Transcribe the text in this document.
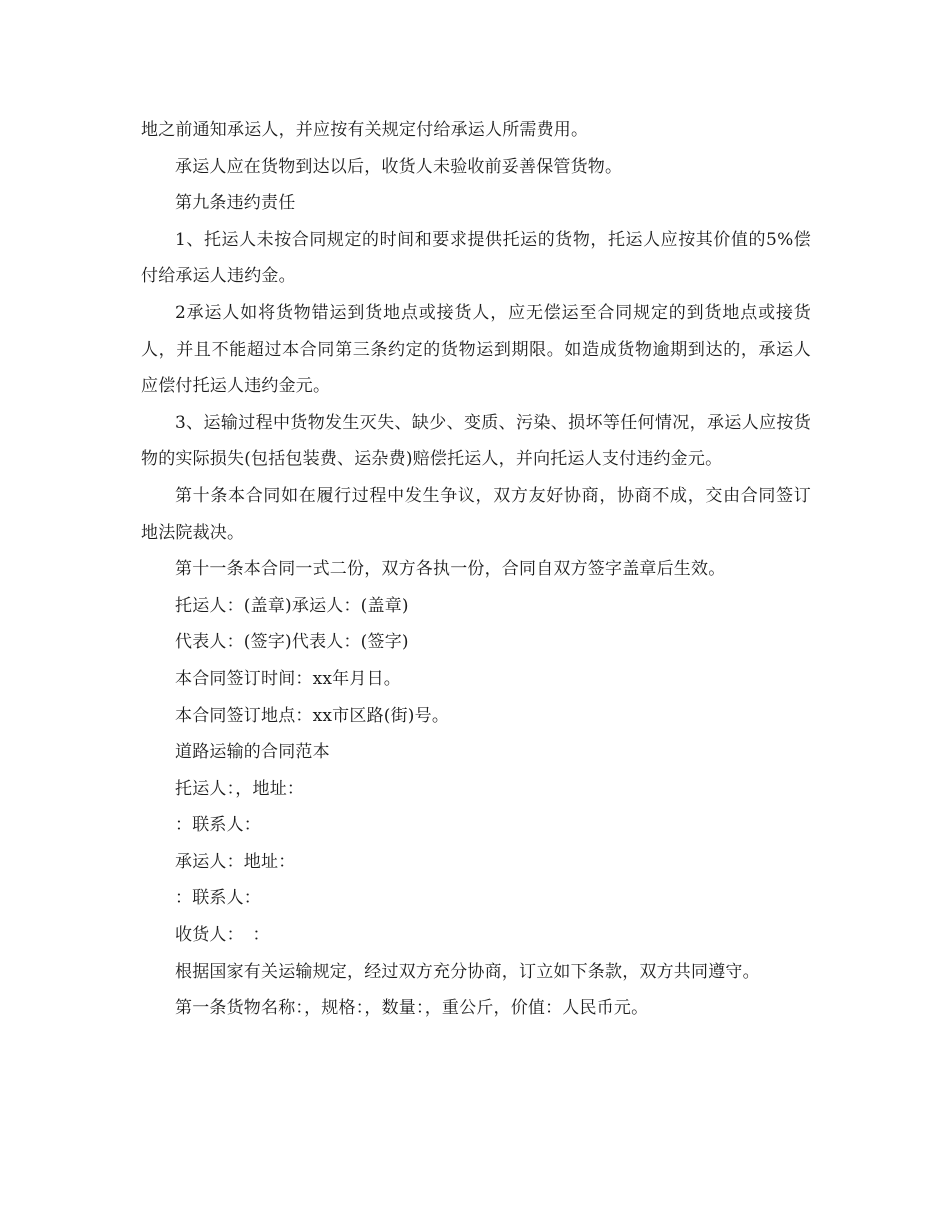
地之前通知承运人，并应按有关规定付给承运人所需费用。

承运人应在货物到达以后，收货人未验收前妥善保管货物。

第九条违约责任

1、托运人未按合同规定的时间和要求提供托运的货物，托运人应按其价值的5%偿付给承运人违约金。

2承运人如将货物错运到货地点或接货人，应无偿运至合同规定的到货地点或接货人，并且不能超过本合同第三条约定的货物运到期限。如造成货物逾期到达的，承运人应偿付托运人违约金元。

3、运输过程中货物发生灭失、缺少、变质、污染、损坏等任何情况，承运人应按货物的实际损失(包括包装费、运杂费)赔偿托运人，并向托运人支付违约金元。

第十条本合同如在履行过程中发生争议，双方友好协商，协商不成，交由合同签订地法院裁决。

第十一条本合同一式二份，双方各执一份，合同自双方签字盖章后生效。

托运人：(盖章)承运人：(盖章)

代表人：(签字)代表人：(签字)

本合同签订时间：xx年月日。

本合同签订地点：xx市区路(街)号。

道路运输的合同范本

托运人：，地址：

：联系人：

承运人：地址：

：联系人：

收货人：　：

根据国家有关运输规定，经过双方充分协商，订立如下条款，双方共同遵守。

第一条货物名称：，规格：，数量：，重公斤，价值：人民币元。
